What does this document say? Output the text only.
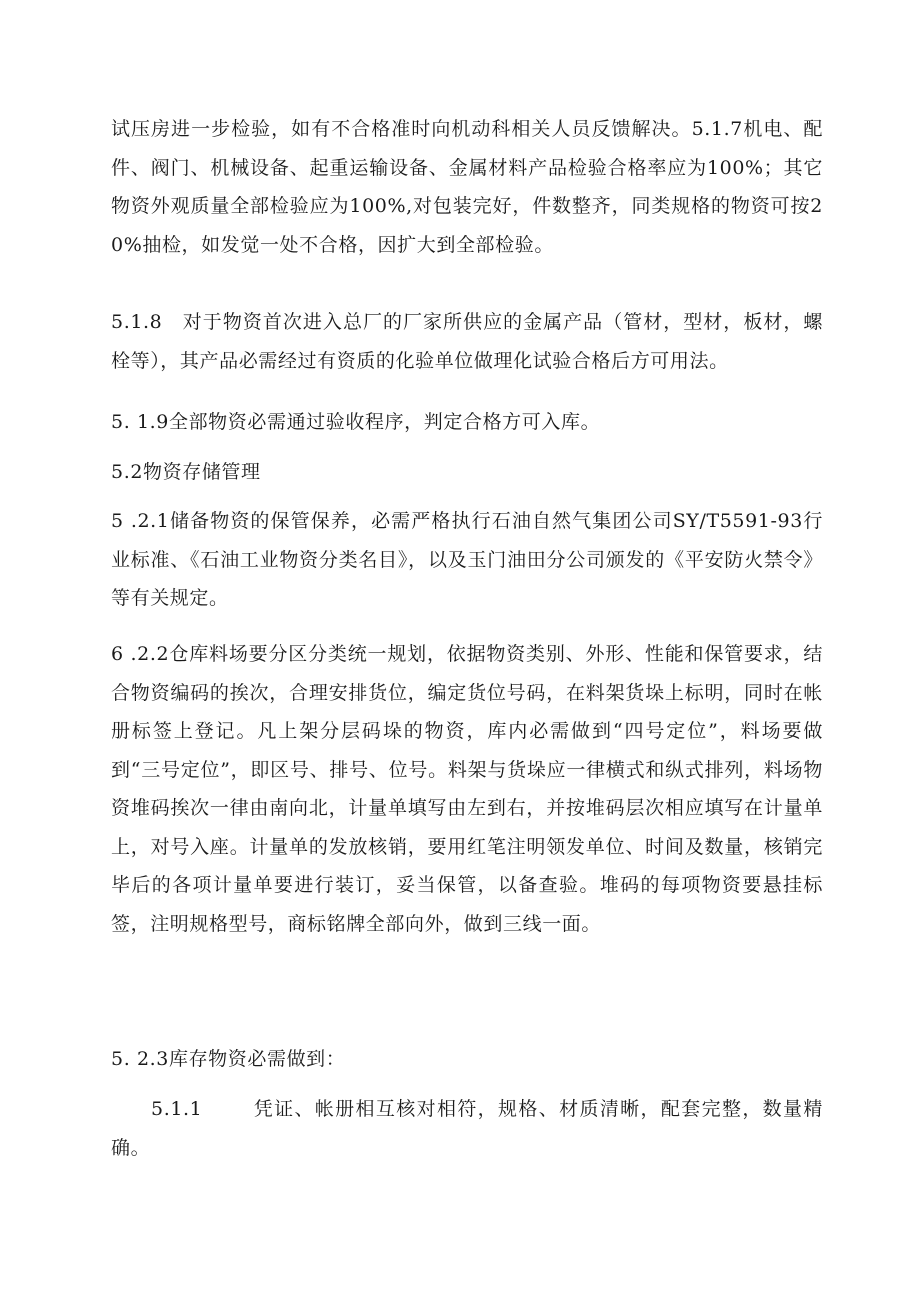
试压房进一步检验，如有不合格准时向机动科相关人员反馈解决。5.1.7机电、配件、阀门、机械设备、起重运输设备、金属材料产品检验合格率应为100%；其它物资外观质量全部检验应为100%,对包装完好，件数整齐，同类规格的物资可按20%抽检，如发觉一处不合格，因扩大到全部检验。

5.1.8　对于物资首次进入总厂的厂家所供应的金属产品（管材，型材，板材，螺栓等），其产品必需经过有资质的化验单位做理化试验合格后方可用法。

5. 1.9全部物资必需通过验收程序，判定合格方可入库。

5.2物资存储管理

5 .2.1储备物资的保管保养，必需严格执行石油自然气集团公司SY/T5591-93行业标准、《石油工业物资分类名目》，以及玉门油田分公司颁发的《平安防火禁令》等有关规定。

6 .2.2仓库料场要分区分类统一规划，依据物资类别、外形、性能和保管要求，结合物资编码的挨次，合理安排货位，编定货位号码，在料架货垛上标明，同时在帐册标签上登记。凡上架分层码垛的物资，库内必需做到“四号定位”，料场要做到“三号定位”，即区号、排号、位号。料架与货垛应一律横式和纵式排列，料场物资堆码挨次一律由南向北，计量单填写由左到右，并按堆码层次相应填写在计量单上，对号入座。计量单的发放核销，要用红笔注明领发单位、时间及数量，核销完毕后的各项计量单要进行装订，妥当保管，以备查验。堆码的每项物资要悬挂标签，注明规格型号，商标铭牌全部向外，做到三线一面。

5. 2.3库存物资必需做到：

5.1.1	凭证、帐册相互核对相符，规格、材质清晰，配套完整，数量精确。
